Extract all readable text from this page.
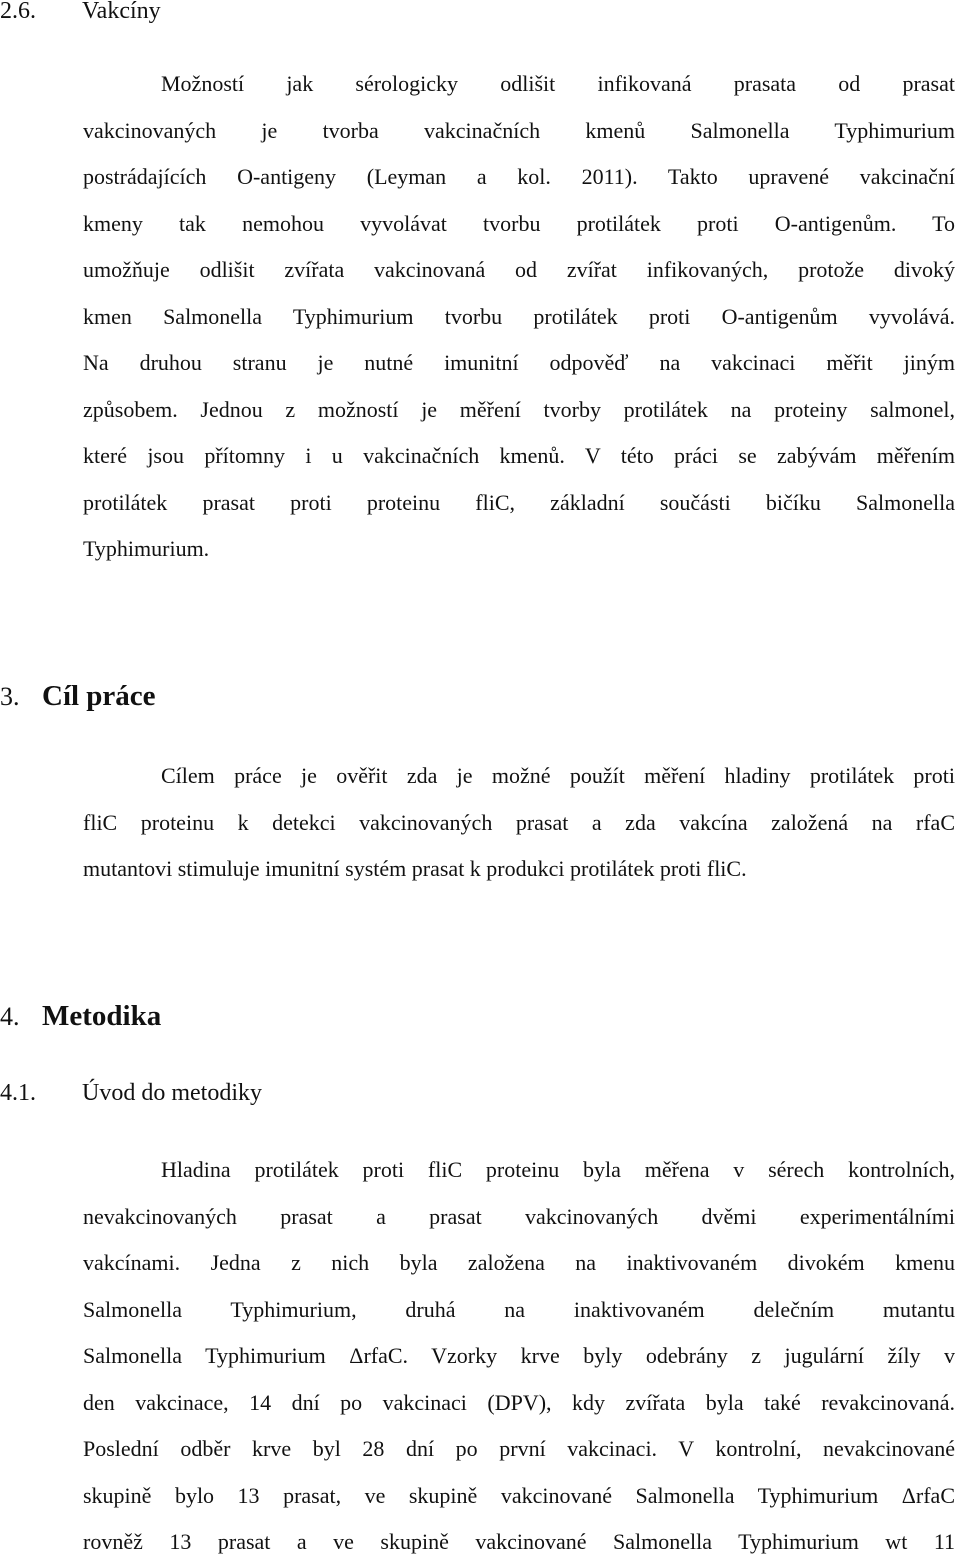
2.6. Vakcíny
Možností jak sérologicky odlišit infikovaná prasata od prasat
vakcinovaných je tvorba vakcinačních kmenů Salmonella Typhimurium
postrádajících O-antigeny (Leyman a kol. 2011). Takto upravené vakcinační
kmeny tak nemohou vyvolávat tvorbu protilátek proti O-antigenům. To
umožňuje odlišit zvířata vakcinovaná od zvířat infikovaných, protože divoký
kmen Salmonella Typhimurium tvorbu protilátek proti O-antigenům vyvolává.
Na druhou stranu je nutné imunitní odpověď na vakcinaci měřit jiným
způsobem. Jednou z možností je měření tvorby protilátek na proteiny salmonel,
které jsou přítomny i u vakcinačních kmenů. V této práci se zabývám měřením
protilátek prasat proti proteinu fliC, základní součásti bičíku Salmonella
Typhimurium.
3. Cíl práce
Cílem práce je ověřit zda je možné použít měření hladiny protilátek proti
fliC proteinu k detekci vakcinovaných prasat a zda vakcína založená na rfaC
mutantovi stimuluje imunitní systém prasat k produkci protilátek proti fliC.
4. Metodika
4.1. Úvod do metodiky
Hladina protilátek proti fliC proteinu byla měřena v sérech kontrolních,
nevakcinovaných prasat a prasat vakcinovaných dvěmi experimentálními
vakcínami. Jedna z nich byla založena na inaktivovaném divokém kmenu
Salmonella Typhimurium, druhá na inaktivovaném delečním mutantu
Salmonella Typhimurium ΔrfaC. Vzorky krve byly odebrány z jugulární žíly v
den vakcinace, 14 dní po vakcinaci (DPV), kdy zvířata byla také revakcinovaná.
Poslední odběr krve byl 28 dní po první vakcinaci. V kontrolní, nevakcinované
skupině bylo 13 prasat, ve skupině vakcinované Salmonella Typhimurium ΔrfaC
rovněž 13 prasat a ve skupině vakcinované Salmonella Typhimurium wt 11
